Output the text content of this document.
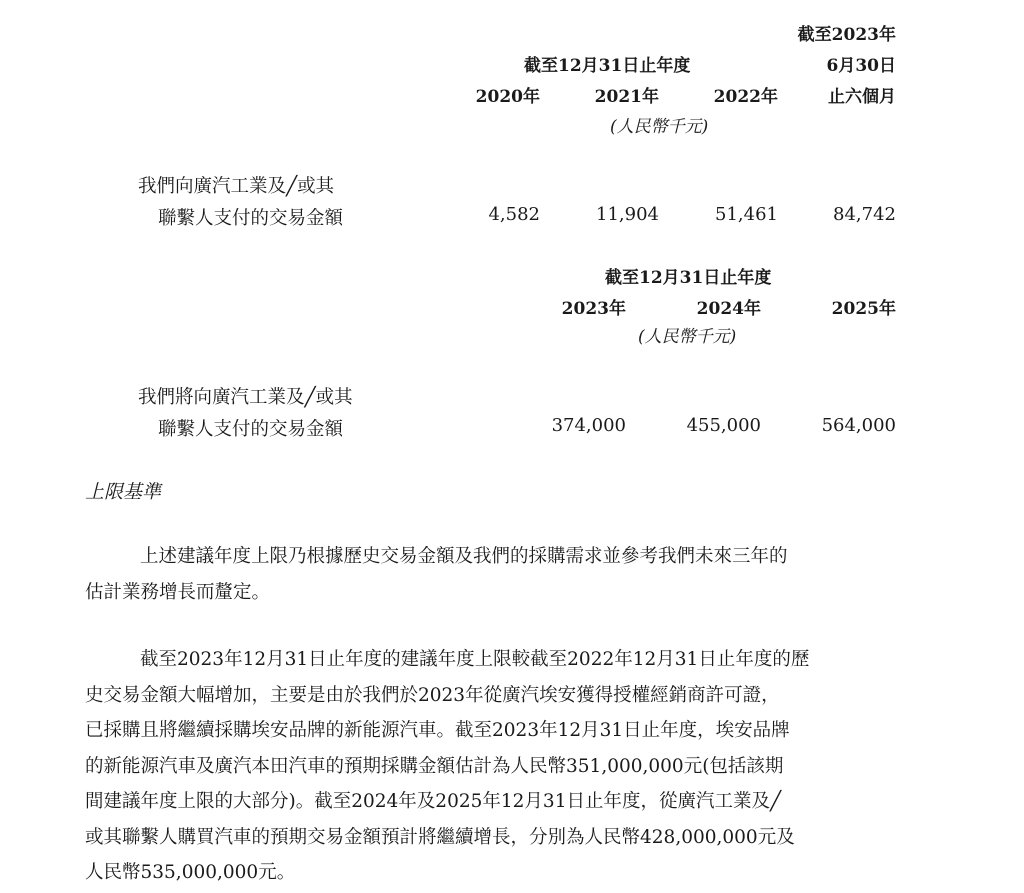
截至2023年
截至12月31日止年度	6月30日
2020年	2021年	2022年	止六個月
(人民幣千元)
我們向廣汽工業及╱或其
聯繫人支付的交易金額	4,582	11,904	51,461	84,742
截至12月31日止年度
2023年	2024年	2025年
(人民幣千元)
我們將向廣汽工業及╱或其
聯繫人支付的交易金額	374,000	455,000	564,000
上限基準
上述建議年度上限乃根據歷史交易金額及我們的採購需求並參考我們未來三年的
估計業務增長而釐定。
截至2023年12月31日止年度的建議年度上限較截至2022年12月31日止年度的歷
史交易金額大幅增加，主要是由於我們於2023年從廣汽埃安獲得授權經銷商許可證，
已採購且將繼續採購埃安品牌的新能源汽車。截至2023年12月31日止年度，埃安品牌
的新能源汽車及廣汽本田汽車的預期採購金額估計為人民幣351,000,000元(包括該期
間建議年度上限的大部分)。截至2024年及2025年12月31日止年度，從廣汽工業及╱
或其聯繫人購買汽車的預期交易金額預計將繼續增長，分別為人民幣428,000,000元及
人民幣535,000,000元。
